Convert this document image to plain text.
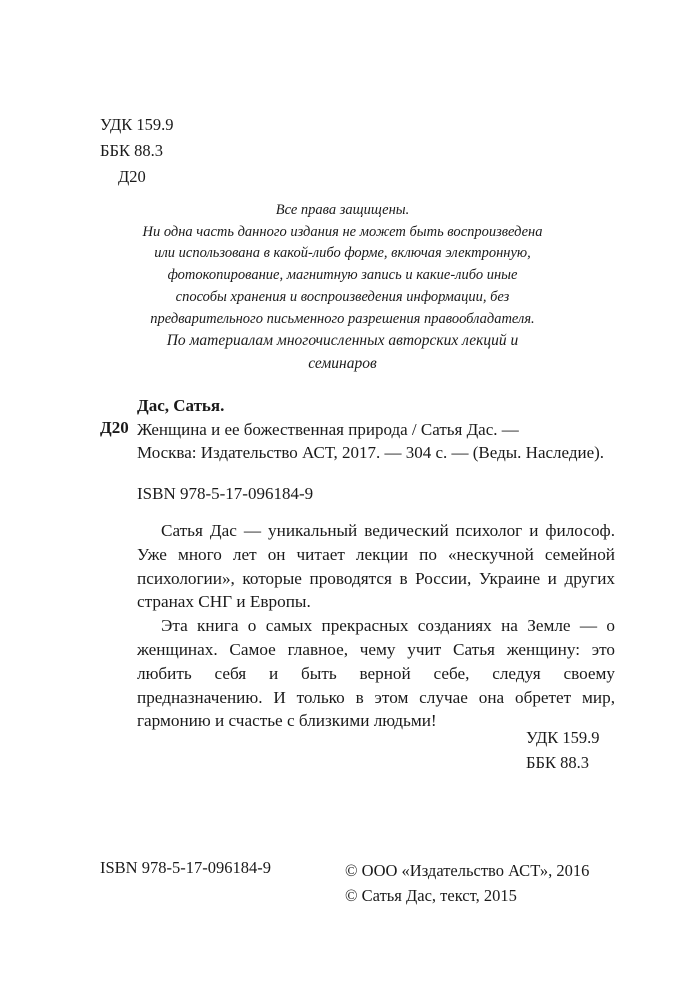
УДК 159.9
ББК 88.3
Д20
Все права защищены.
Ни одна часть данного издания не может быть воспроизведена
или использована в какой-либо форме, включая электронную,
фотокопирование, магнитную запись и какие-либо иные
способы хранения и воспроизведения информации, без
предварительного письменного разрешения правообладателя.
По материалам многочисленных авторских лекций и
семинаров
Дас, Сатья.
Д20 Женщина и ее божественная природа / Сатья Дас. —
Москва: Издательство АСТ, 2017. — 304 с. — (Веды. Наследие).
ISBN 978-5-17-096184-9

Сатья Дас — уникальный ведический психолог и философ. Уже много лет он читает лекции по «нескучной семейной психологии», которые проводятся в России, Украине и других странах СНГ и Европы.

Эта книга о самых прекрасных созданиях на Земле — о женщинах. Самое главное, чему учит Сатья женщину: это любить себя и быть верной себе, следуя своему предназначению. И только в этом случае она обретет мир, гармонию и счастье с близкими людьми!

УДК 159.9
ББК 88.3
ISBN 978-5-17-096184-9	© ООО «Издательство АСТ», 2016
© Сатья Дас, текст, 2015
